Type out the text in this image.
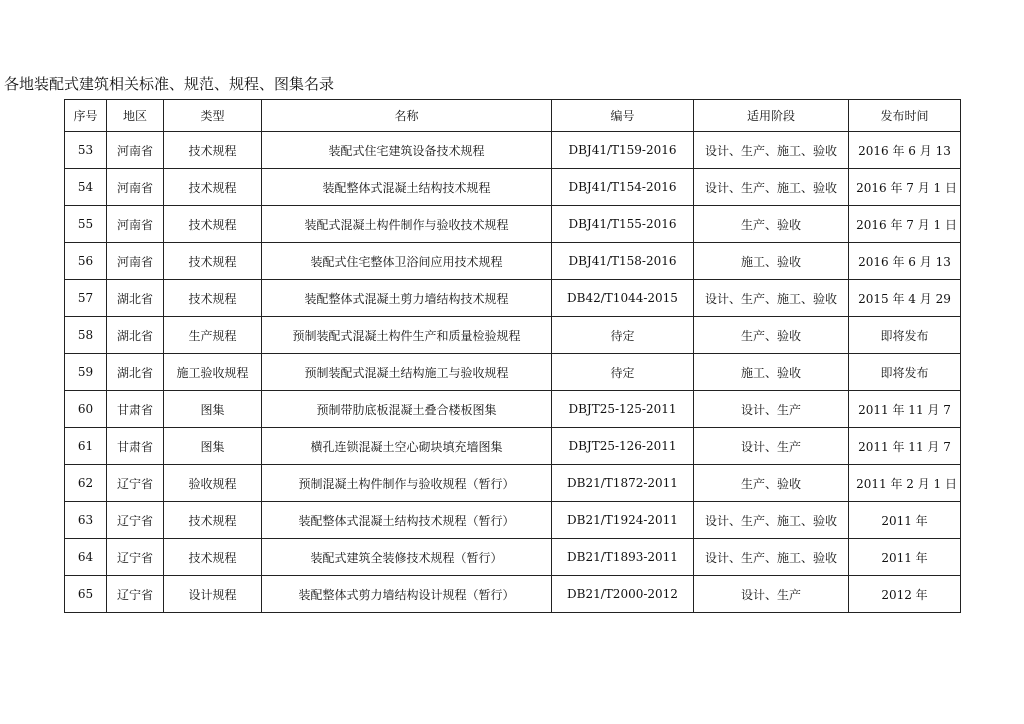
各地装配式建筑相关标准、规范、规程、图集名录
序号	地区	类型	名称	编号	适用阶段	发布时间
53	河南省	技术规程	装配式住宅建筑设备技术规程	DBJ41/T159-2016	设计、生产、施工、验收	2016 年 6 月 13
54	河南省	技术规程	装配整体式混凝土结构技术规程	DBJ41/T154-2016	设计、生产、施工、验收	2016 年 7 月 1 日
55	河南省	技术规程	装配式混凝土构件制作与验收技术规程	DBJ41/T155-2016	生产、验收	2016 年 7 月 1 日
56	河南省	技术规程	装配式住宅整体卫浴间应用技术规程	DBJ41/T158-2016	施工、验收	2016 年 6 月 13
57	湖北省	技术规程	装配整体式混凝土剪力墙结构技术规程	DB42/T1044-2015	设计、生产、施工、验收	2015 年 4 月 29
58	湖北省	生产规程	预制装配式混凝土构件生产和质量检验规程	待定	生产、验收	即将发布
59	湖北省	施工验收规程	预制装配式混凝土结构施工与验收规程	待定	施工、验收	即将发布
60	甘肃省	图集	预制带肋底板混凝土叠合楼板图集	DBJT25-125-2011	设计、生产	2011 年 11 月 7
61	甘肃省	图集	横孔连锁混凝土空心砌块填充墙图集	DBJT25-126-2011	设计、生产	2011 年 11 月 7
62	辽宁省	验收规程	预制混凝土构件制作与验收规程（暂行）	DB21/T1872-2011	生产、验收	2011 年 2 月 1 日
63	辽宁省	技术规程	装配整体式混凝土结构技术规程（暂行）	DB21/T1924-2011	设计、生产、施工、验收	2011 年
64	辽宁省	技术规程	装配式建筑全装修技术规程（暂行）	DB21/T1893-2011	设计、生产、施工、验收	2011 年
65	辽宁省	设计规程	装配整体式剪力墙结构设计规程（暂行）	DB21/T2000-2012	设计、生产	2012 年
